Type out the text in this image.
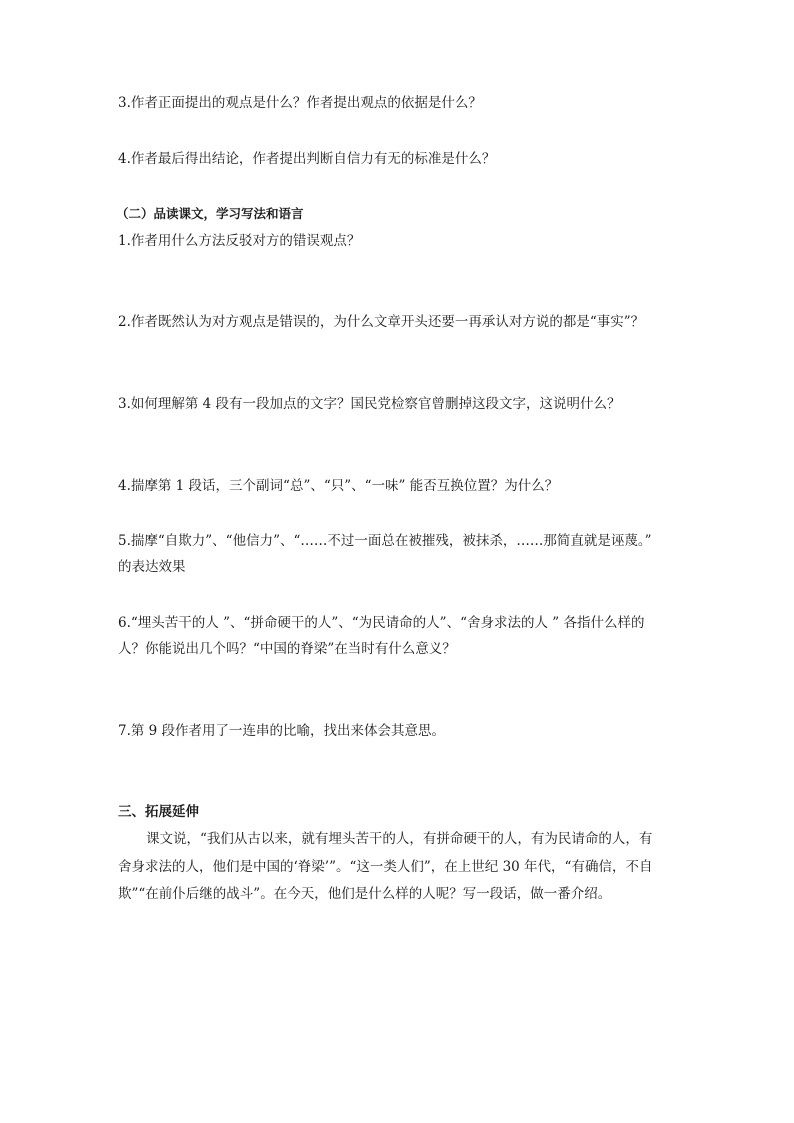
3.作者正面提出的观点是什么？作者提出观点的依据是什么？
4.作者最后得出结论，作者提出判断自信力有无的标准是什么？
（二）品读课文，学习写法和语言
1.作者用什么方法反驳对方的错误观点？
2.作者既然认为对方观点是错误的，为什么文章开头还要一再承认对方说的都是“事实”？
3.如何理解第 4 段有一段加点的文字？国民党检察官曾删掉这段文字，这说明什么？
4.揣摩第 1 段话，三个副词“总”、“只”、“一味” 能否互换位置？为什么？
5.揣摩“自欺力”、“他信力”、“……不过一面总在被摧残，被抹杀，……那简直就是诬蔑。”
的表达效果
6.“埋头苦干的人 ”、“拼命硬干的人”、“为民请命的人”、“舍身求法的人 ” 各指什么样的
人？你能说出几个吗？“中国的脊梁”在当时有什么意义？
7.第 9 段作者用了一连串的比喻，找出来体会其意思。
三、拓展延伸
课文说，“我们从古以来，就有埋头苦干的人，有拼命硬干的人，有为民请命的人，有
舍身求法的人，他们是中国的‘脊梁’”。“这一类人们”，在上世纪 30 年代，“有确信，不自
欺”“在前仆后继的战斗”。在今天，他们是什么样的人呢？写一段话，做一番介绍。
